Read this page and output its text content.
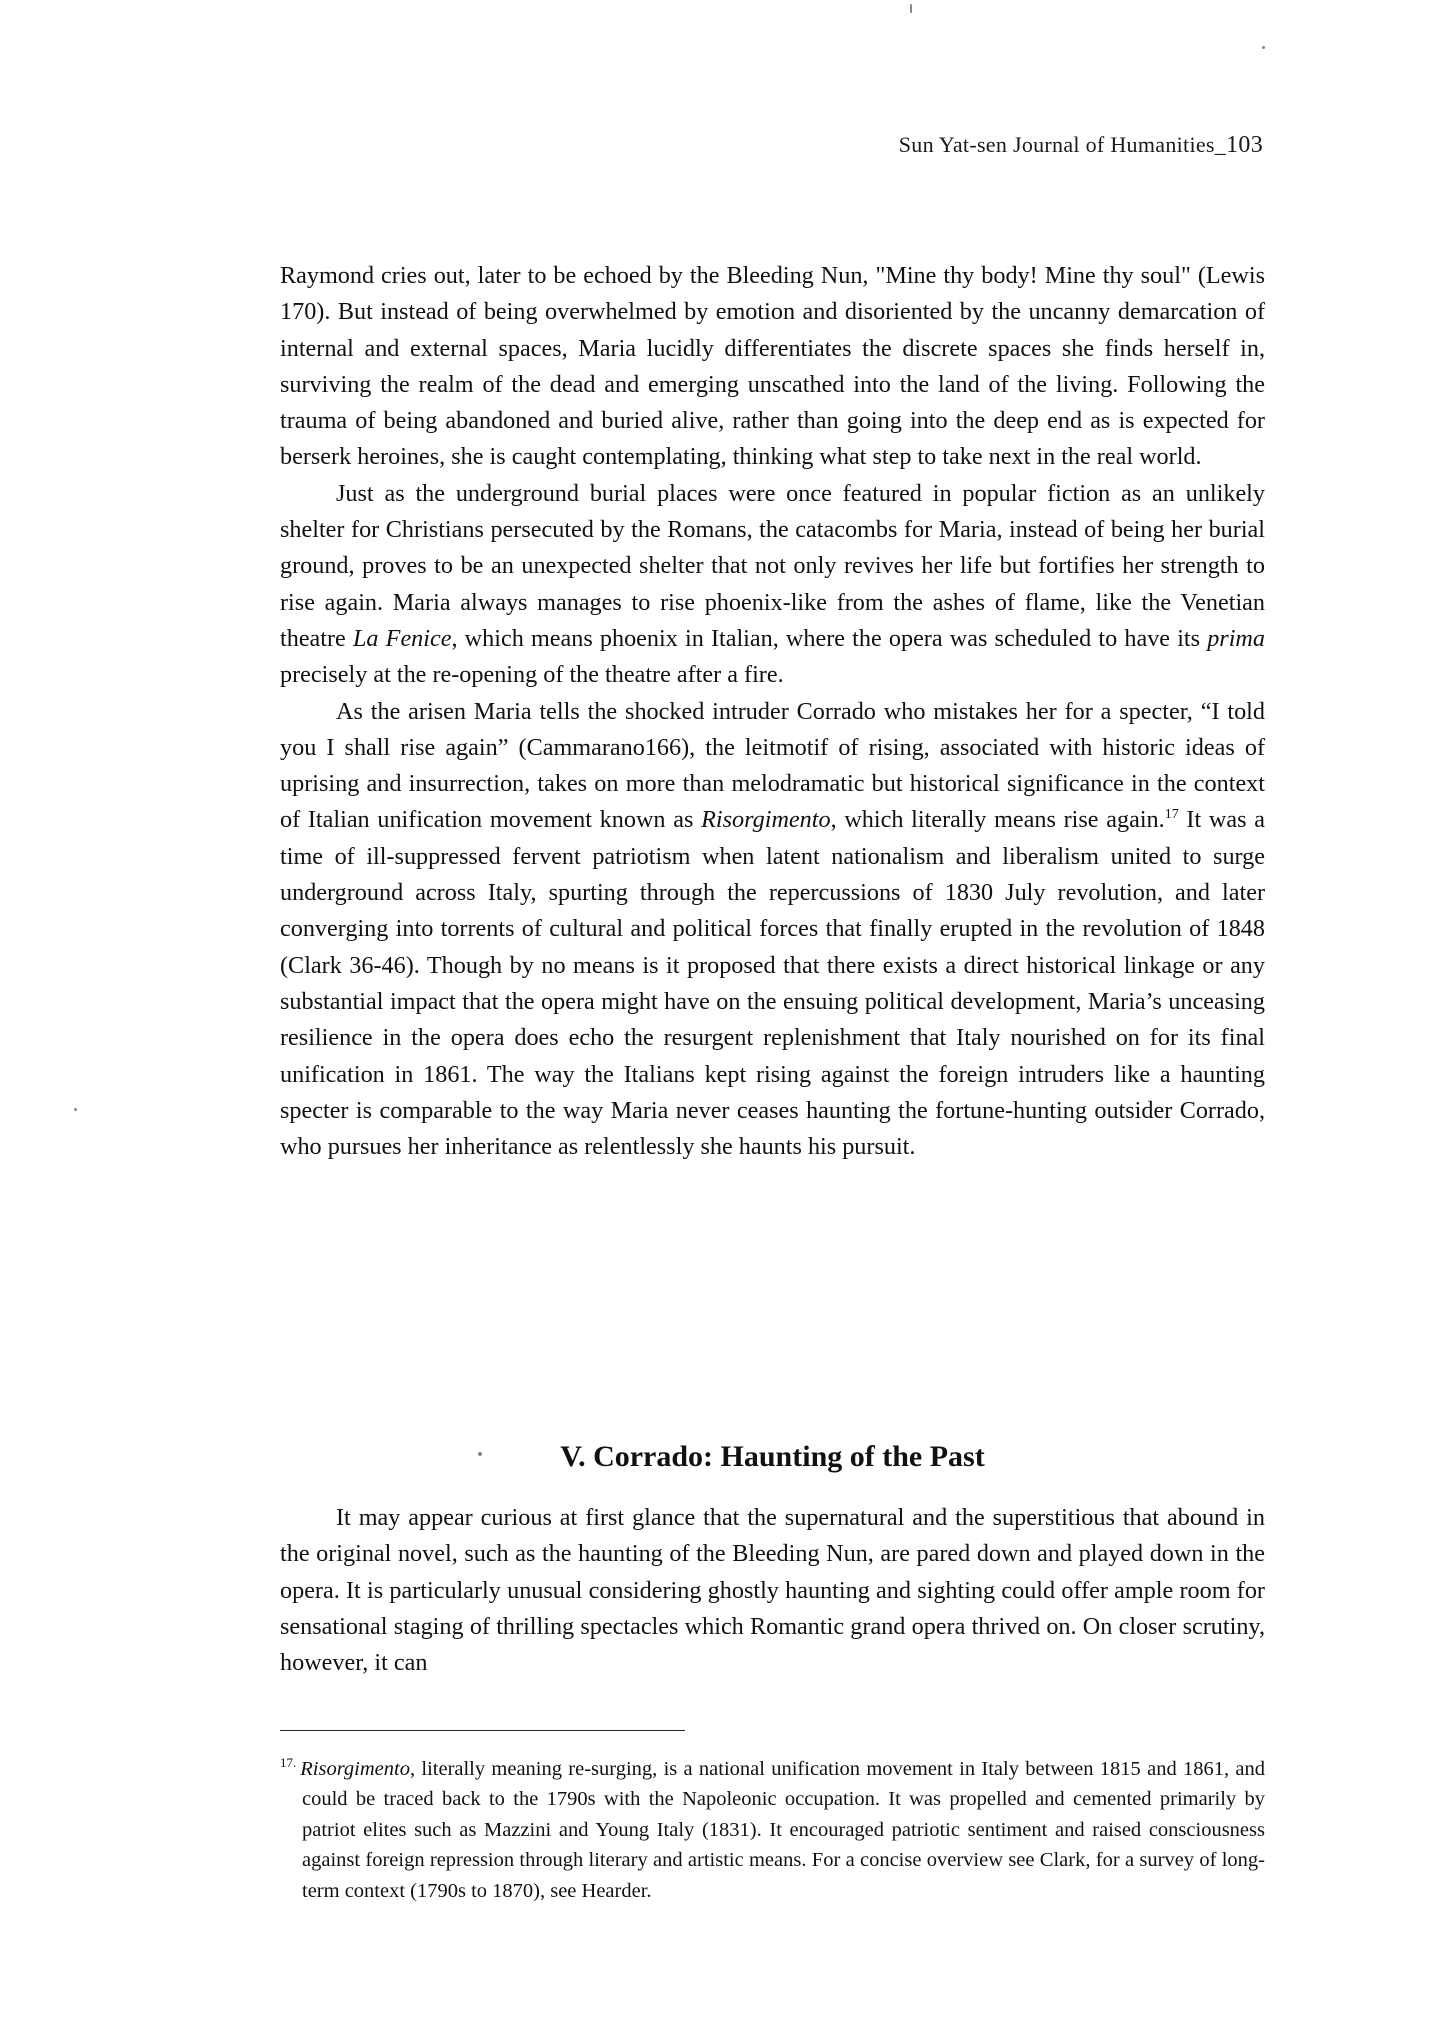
Sun Yat-sen Journal of Humanities_103

Raymond cries out, later to be echoed by the Bleeding Nun, "Mine thy body! Mine thy soul" (Lewis 170). But instead of being overwhelmed by emotion and disoriented by the uncanny demarcation of internal and external spaces, Maria lucidly differentiates the discrete spaces she finds herself in, surviving the realm of the dead and emerging unscathed into the land of the living. Following the trauma of being abandoned and buried alive, rather than going into the deep end as is expected for berserk heroines, she is caught contemplating, thinking what step to take next in the real world.

Just as the underground burial places were once featured in popular fiction as an unlikely shelter for Christians persecuted by the Romans, the catacombs for Maria, instead of being her burial ground, proves to be an unexpected shelter that not only revives her life but fortifies her strength to rise again. Maria always manages to rise phoenix-like from the ashes of flame, like the Venetian theatre La Fenice, which means phoenix in Italian, where the opera was scheduled to have its prima precisely at the re-opening of the theatre after a fire.

As the arisen Maria tells the shocked intruder Corrado who mistakes her for a specter, “I told you I shall rise again” (Cammarano166), the leitmotif of rising, associated with historic ideas of uprising and insurrection, takes on more than melodramatic but historical significance in the context of Italian unification movement known as Risorgimento, which literally means rise again.$^{17}$ It was a time of ill-suppressed fervent patriotism when latent nationalism and liberalism united to surge underground across Italy, spurting through the repercussions of 1830 July revolution, and later converging into torrents of cultural and political forces that finally erupted in the revolution of 1848 (Clark 36-46). Though by no means is it proposed that there exists a direct historical linkage or any substantial impact that the opera might have on the ensuing political development, Maria’s unceasing resilience in the opera does echo the resurgent replenishment that Italy nourished on for its final unification in 1861. The way the Italians kept rising against the foreign intruders like a haunting specter is comparable to the way Maria never ceases haunting the fortune-hunting outsider Corrado, who pursues her inheritance as relentlessly she haunts his pursuit.

V. Corrado: Haunting of the Past

It may appear curious at first glance that the supernatural and the superstitious that abound in the original novel, such as the haunting of the Bleeding Nun, are pared down and played down in the opera. It is particularly unusual considering ghostly haunting and sighting could offer ample room for sensational staging of thrilling spectacles which Romantic grand opera thrived on. On closer scrutiny, however, it can

$^{17.}$ Risorgimento, literally meaning re-surging, is a national unification movement in Italy between 1815 and 1861, and could be traced back to the 1790s with the Napoleonic occupation. It was propelled and cemented primarily by patriot elites such as Mazzini and Young Italy (1831). It encouraged patriotic sentiment and raised consciousness against foreign repression through literary and artistic means. For a concise overview see Clark, for a survey of long-term context (1790s to 1870), see Hearder.
